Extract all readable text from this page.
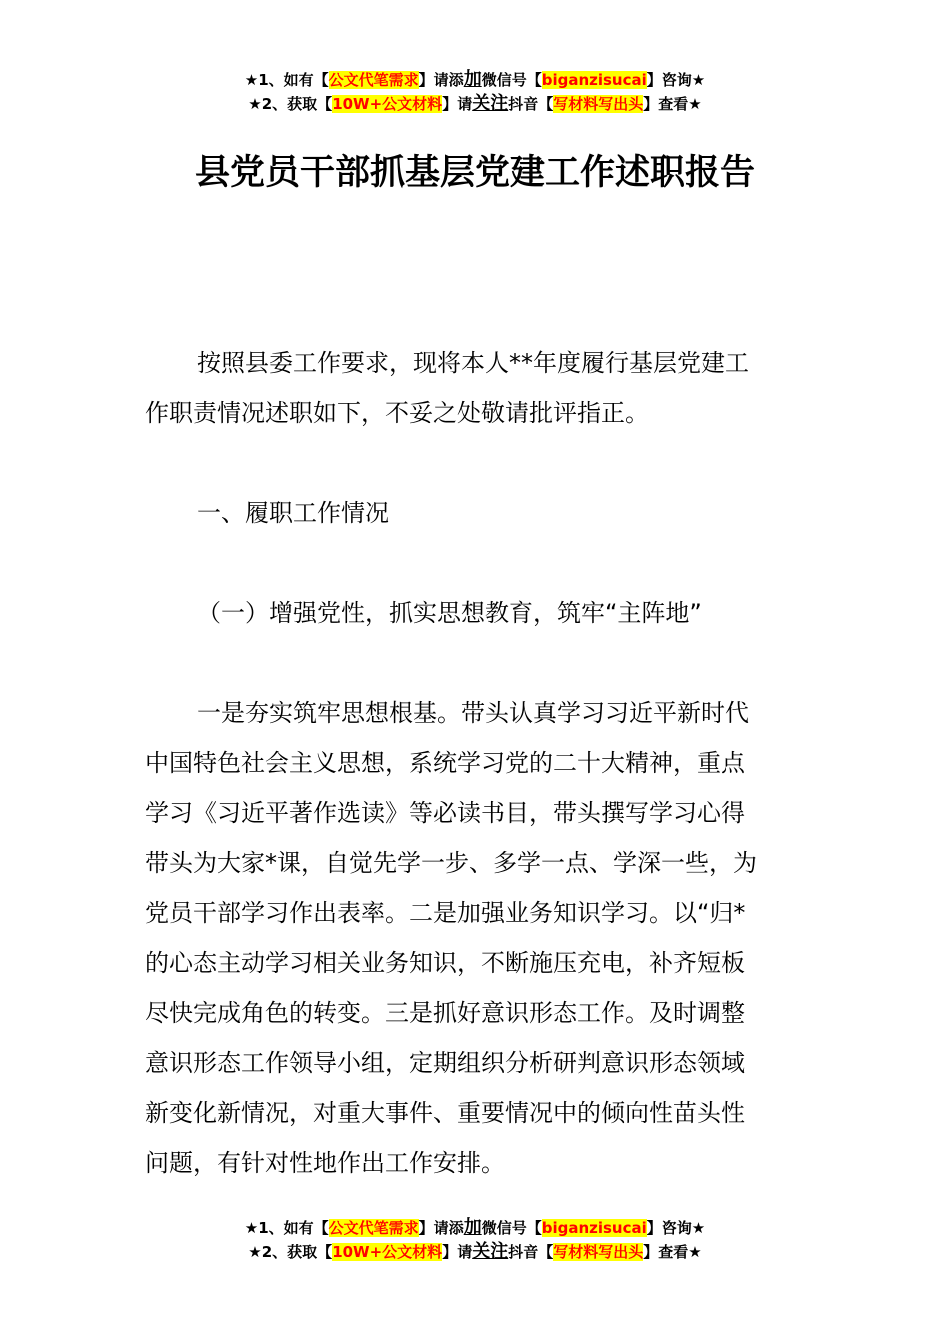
★1、如有【公文代笔需求】请添加微信号【biganzisucai】咨询★
★2、获取【10W+公文材料】请关注抖音【写材料写出头】查看★
县党员干部抓基层党建工作述职报告
按照县委工作要求，现将本人**年度履行基层党建工
作职责情况述职如下，不妥之处敬请批评指正。
一、履职工作情况
（一）增强党性，抓实思想教育，筑牢“主阵地”
一是夯实筑牢思想根基。带头认真学习习近平新时代
中国特色社会主义思想，系统学习党的二十大精神，重点
学习《习近平著作选读》等必读书目，带头撰写学习心得
带头为大家*课，自觉先学一步、多学一点、学深一些，为
党员干部学习作出表率。二是加强业务知识学习。以“归*
的心态主动学习相关业务知识，不断施压充电，补齐短板
尽快完成角色的转变。三是抓好意识形态工作。及时调整
意识形态工作领导小组，定期组织分析研判意识形态领域
新变化新情况，对重大事件、重要情况中的倾向性苗头性
问题，有针对性地作出工作安排。
★1、如有【公文代笔需求】请添加微信号【biganzisucai】咨询★
★2、获取【10W+公文材料】请关注抖音【写材料写出头】查看★
